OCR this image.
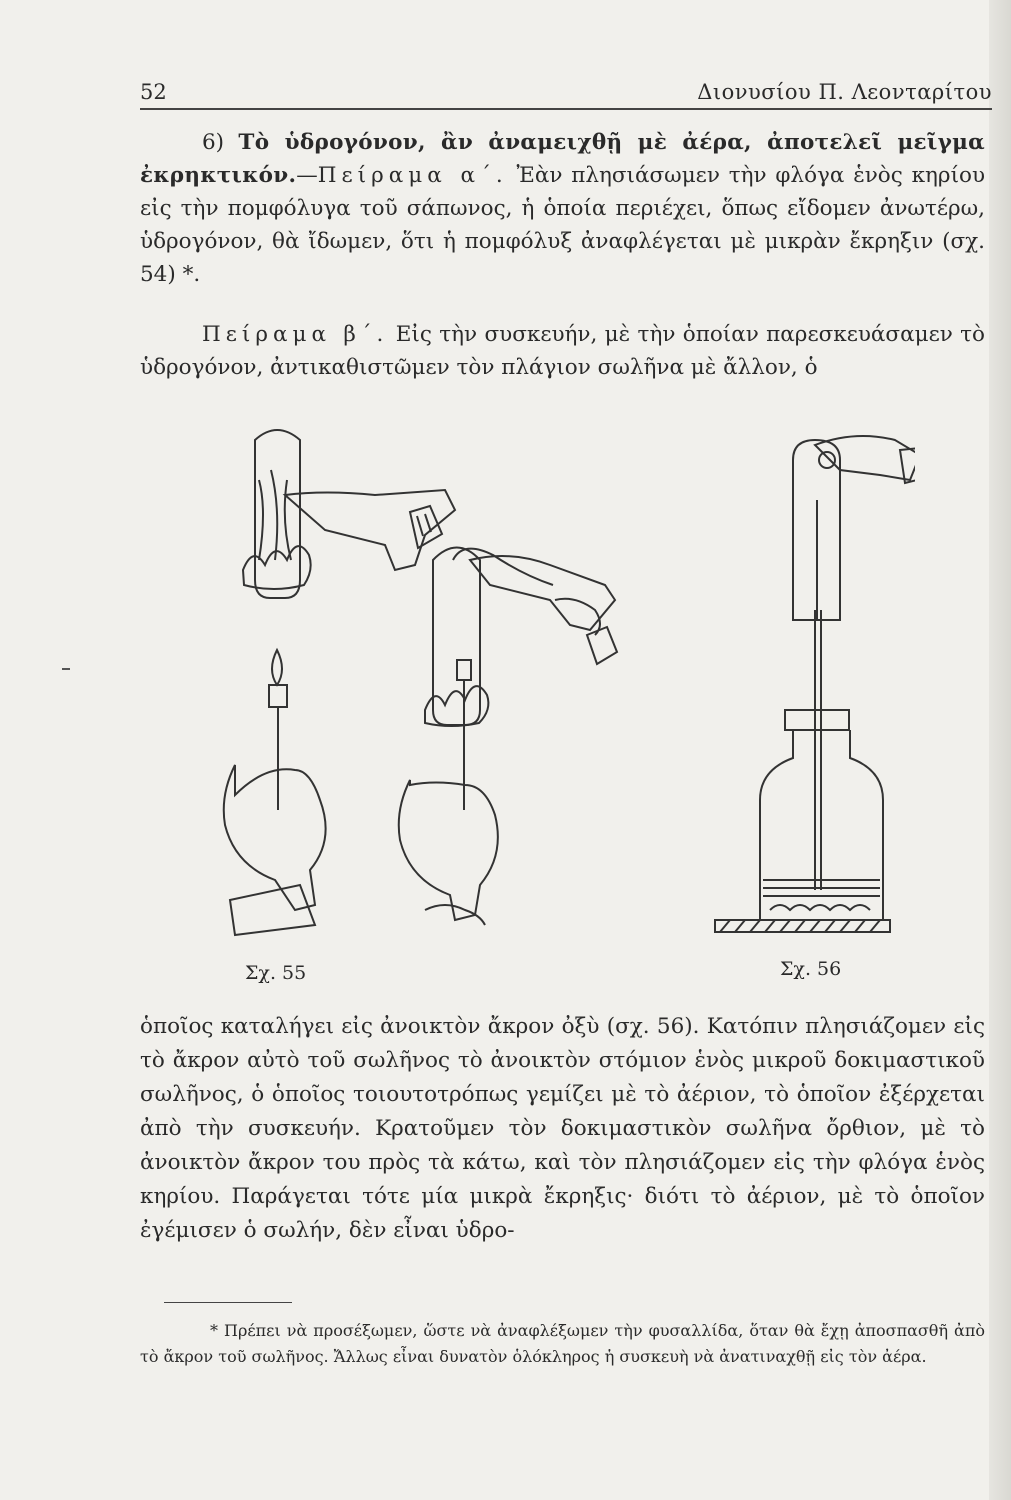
52	Διονυσίου Π. Λεονταρίτου
6) Τὸ ὑδρογόνον, ἂν ἀναμειχθῇ μὲ ἀέρα, ἀποτελεῖ μεῖγμα ἐκρηκτικόν.—Πείραμα α΄. Ἐὰν πλησιάσωμεν τὴν φλόγα ἑνὸς κηρίου εἰς τὴν πομφόλυγα τοῦ σάπωνος, ἡ ὁποία περιέχει, ὅπως εἴδομεν ἀνωτέρω, ὑδρογόνον, θὰ ἴδωμεν, ὅτι ἡ πομφόλυξ ἀναφλέγεται μὲ μικρὰν ἔκρηξιν (σχ. 54) *.
Πείραμα β΄. Εἰς τὴν συσκευήν, μὲ τὴν ὁποίαν παρεσκευάσαμεν τὸ ὑδρογόνον, ἀντικαθιστῶμεν τὸν πλάγιον σωλῆνα μὲ ἄλλον, ὁ
Σχ. 55	Σχ. 56
ὁποῖος καταλήγει εἰς ἀνοικτὸν ἄκρον ὀξὺ (σχ. 56). Κατόπιν πλησιάζομεν εἰς τὸ ἄκρον αὐτὸ τοῦ σωλῆνος τὸ ἀνοικτὸν στόμιον ἑνὸς μικροῦ δοκιμαστικοῦ σωλῆνος, ὁ ὁποῖος τοιουτοτρόπως γεμίζει μὲ τὸ ἀέριον, τὸ ὁποῖον ἐξέρχεται ἀπὸ τὴν συσκευήν. Κρατοῦμεν τὸν δοκιμαστικὸν σωλῆνα ὄρθιον, μὲ τὸ ἀνοικτὸν ἄκρον του πρὸς τὰ κάτω, καὶ τὸν πλησιάζομεν εἰς τὴν φλόγα ἑνὸς κηρίου. Παράγεται τότε μία μικρὰ ἔκρηξις· διότι τὸ ἀέριον, μὲ τὸ ὁποῖον ἐγέμισεν ὁ σωλήν, δὲν εἶναι ὑδρο-
* Πρέπει νὰ προσέξωμεν, ὥστε νὰ ἀναφλέξωμεν τὴν φυσαλλίδα, ὅταν θὰ ἔχῃ ἀποσπασθῆ ἀπὸ τὸ ἄκρον τοῦ σωλῆνος. Ἄλλως εἶναι δυνατὸν ὁλόκληρος ἡ συσκευὴ νὰ ἀνατιναχθῇ εἰς τὸν ἀέρα.
